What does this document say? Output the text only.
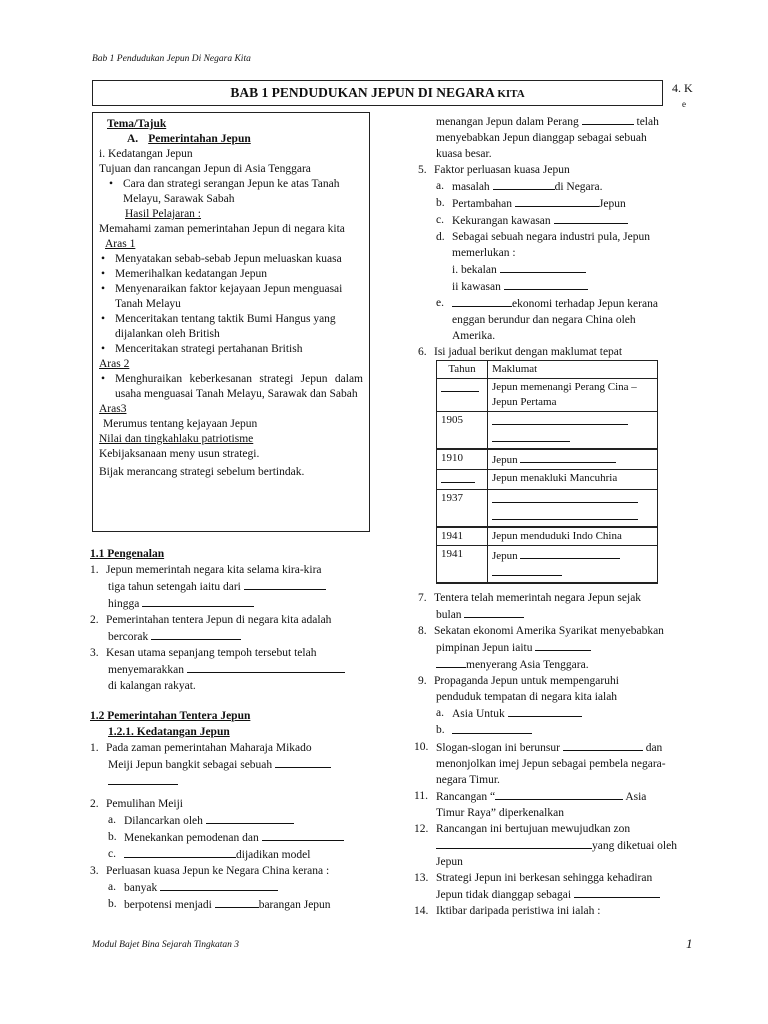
Bab 1 Pendudukan Jepun Di Negara Kita
BAB 1 PENDUDUKAN JEPUN DI NEGARA KITA	4. K
e
Tema/Tajuk
A. Pemerintahan Jepun
i. Kedatangan Jepun
Tujuan dan rancangan Jepun di Asia Tenggara
• Cara dan strategi serangan Jepun ke atas Tanah Melayu, Sarawak Sabah
Hasil Pelajaran :
Memahami zaman pemerintahan Jepun di negara kita
Aras 1
• Menyatakan sebab-sebab Jepun meluaskan kuasa
• Memerihalkan kedatangan Jepun
• Menyenaraikan faktor kejayaan Jepun menguasai Tanah Melayu
• Menceritakan tentang taktik Bumi Hangus yang dijalankan oleh British
• Menceritakan strategi pertahanan British
Aras 2
• Menghuraikan keberkesanan strategi Jepun dalam usaha menguasai Tanah Melayu, Sarawak dan Sabah
Aras3
Merumus tentang kejayaan Jepun
Nilai dan tingkahlaku patriotisme
Kebijaksanaan meny usun strategi.
Bijak merancang strategi sebelum bertindak.
1.1 Pengenalan
1. Jepun memerintah negara kita selama kira-kira
tiga tahun setengah iaitu dari
hingga
2. Pemerintahan tentera Jepun di negara kita adalah
bercorak
3. Kesan utama sepanjang tempoh tersebut telah
menyemarakkan
di kalangan rakyat.
1.2 Pemerintahan Tentera Jepun
1.2.1. Kedatangan Jepun
1. Pada zaman pemerintahan Maharaja Mikado
Meiji Jepun bangkit sebagai sebuah
2. Pemulihan Meiji
a. Dilancarkan oleh
b. Menekankan pemodenan dan
c.	dijadikan model
3. Perluasan kuasa Jepun ke Negara China kerana :
a. banyak
b. berpotensi menjadi	barangan Jepun
menangan Jepun dalam Perang	telah
menyebabkan Jepun dianggap sebagai sebuah
kuasa besar.
5. Faktor perluasan kuasa Jepun
a. masalah	di Negara.
b. Pertambahan	Jepun
c. Kekurangan kawasan
d. Sebagai sebuah negara industri pula, Jepun
memerlukan :
i. bekalan
ii kawasan
e.	ekonomi terhadap Jepun kerana
enggan berundur dan negara China oleh
Amerika.
6. Isi jadual berikut dengan maklumat tepat
Tahun	Maklumat
	Jepun memenangi Perang Cina –Jepun Pertama
1905	

1910	Jepun
	Jepun menakluki Mancuhria
1937	

1941	Jepun menduduki Indo China
1941	Jepun

7. Tentera telah memerintah negara Jepun sejak
bulan
8. Sekatan ekonomi Amerika Syarikat menyebabkan
pimpinan Jepun iaitu
menyerang Asia Tenggara.
9. Propaganda Jepun untuk mempengaruhi
penduduk tempatan di negara kita ialah
a. Asia Untuk
b.
10. Slogan-slogan ini berunsur	dan
menonjolkan imej Jepun sebagai pembela negara-
negara Timur.
11. Rancangan “	Asia
Timur Raya” diperkenalkan
12. Rancangan ini bertujuan mewujudkan zon
yang diketuai oleh
Jepun
13. Strategi Jepun ini berkesan sehingga kehadiran
Jepun tidak dianggap sebagai
14. Iktibar daripada peristiwa ini ialah :
Modul Bajet Bina Sejarah Tingkatan 3	1
